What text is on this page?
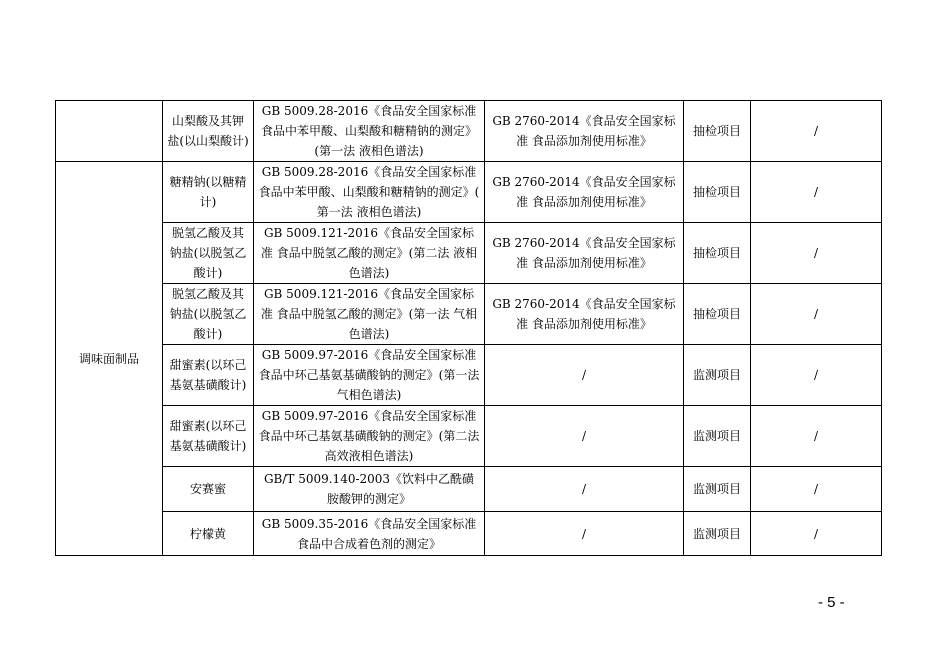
	山梨酸及其钾盐(以山梨酸计)	GB 5009.28-2016《食品安全国家标准 食品中苯甲酸、山梨酸和糖精钠的测定》(第一法 液相色谱法)	GB 2760-2014《食品安全国家标准 食品添加剂使用标准》	抽检项目	/
调味面制品	糖精钠(以糖精计)	GB 5009.28-2016《食品安全国家标准 食品中苯甲酸、山梨酸和糖精钠的测定》( 第一法 液相色谱法)	GB 2760-2014《食品安全国家标准 食品添加剂使用标准》	抽检项目	/
	脱氢乙酸及其钠盐(以脱氢乙酸计)	GB 5009.121-2016《食品安全国家标准 食品中脱氢乙酸的测定》(第二法 液相色谱法)	GB 2760-2014《食品安全国家标准 食品添加剂使用标准》	抽检项目	/
	脱氢乙酸及其钠盐(以脱氢乙酸计)	GB 5009.121-2016《食品安全国家标准 食品中脱氢乙酸的测定》(第一法 气相色谱法)	GB 2760-2014《食品安全国家标准 食品添加剂使用标准》	抽检项目	/
	甜蜜素(以环己基氨基磺酸计)	GB 5009.97-2016《食品安全国家标准 食品中环己基氨基磺酸钠的测定》(第一法 气相色谱法)	/	监测项目	/
	甜蜜素(以环己基氨基磺酸计)	GB 5009.97-2016《食品安全国家标准 食品中环己基氨基磺酸钠的测定》(第二法 高效液相色谱法)	/	监测项目	/
	安赛蜜	GB/T 5009.140-2003《饮料中乙酰磺胺酸钾的测定》	/	监测项目	/
	柠檬黄	GB 5009.35-2016《食品安全国家标准 食品中合成着色剂的测定》	/	监测项目	/
- 5 -
